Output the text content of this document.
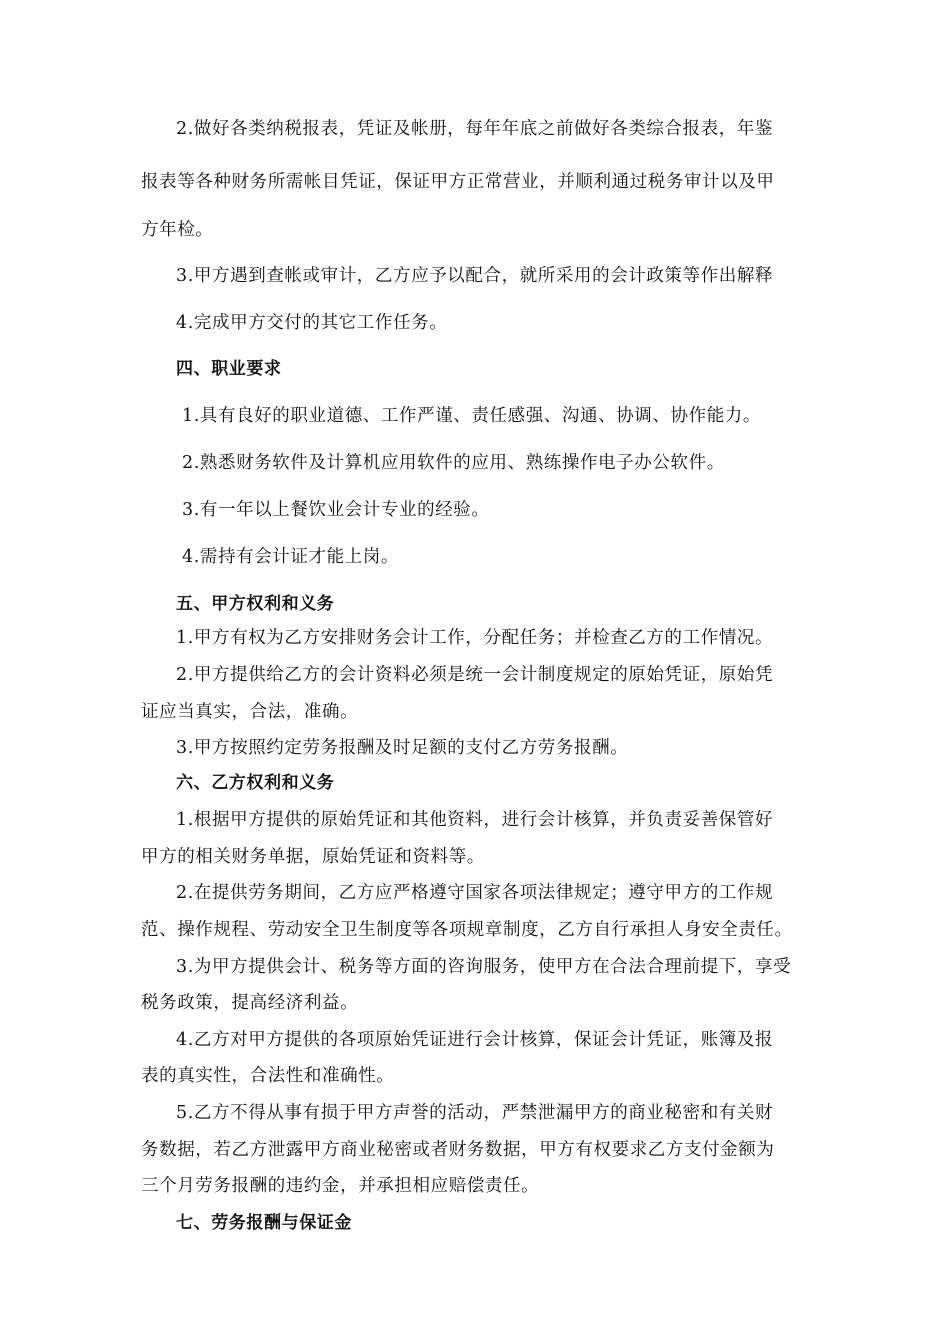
2.做好各类纳税报表，凭证及帐册，每年年底之前做好各类综合报表，年鉴
报表等各种财务所需帐目凭证，保证甲方正常营业，并顺利通过税务审计以及甲
方年检。
3.甲方遇到查帐或审计，乙方应予以配合，就所采用的会计政策等作出解释
4.完成甲方交付的其它工作任务。
四、职业要求
1.具有良好的职业道德、工作严谨、责任感强、沟通、协调、协作能力。
2.熟悉财务软件及计算机应用软件的应用、熟练操作电子办公软件。
3.有一年以上餐饮业会计专业的经验。
4.需持有会计证才能上岗。
五、甲方权利和义务
1.甲方有权为乙方安排财务会计工作，分配任务；并检查乙方的工作情况。
2.甲方提供给乙方的会计资料必须是统一会计制度规定的原始凭证，原始凭
证应当真实，合法，准确。
3.甲方按照约定劳务报酬及时足额的支付乙方劳务报酬。
六、乙方权利和义务
1.根据甲方提供的原始凭证和其他资料，进行会计核算，并负责妥善保管好
甲方的相关财务单据，原始凭证和资料等。
2.在提供劳务期间，乙方应严格遵守国家各项法律规定；遵守甲方的工作规
范、操作规程、劳动安全卫生制度等各项规章制度，乙方自行承担人身安全责任。
3.为甲方提供会计、税务等方面的咨询服务，使甲方在合法合理前提下，享受
税务政策，提高经济利益。
4.乙方对甲方提供的各项原始凭证进行会计核算，保证会计凭证，账簿及报
表的真实性，合法性和准确性。
5.乙方不得从事有损于甲方声誉的活动，严禁泄漏甲方的商业秘密和有关财
务数据，若乙方泄露甲方商业秘密或者财务数据，甲方有权要求乙方支付金额为
三个月劳务报酬的违约金，并承担相应赔偿责任。
七、劳务报酬与保证金
